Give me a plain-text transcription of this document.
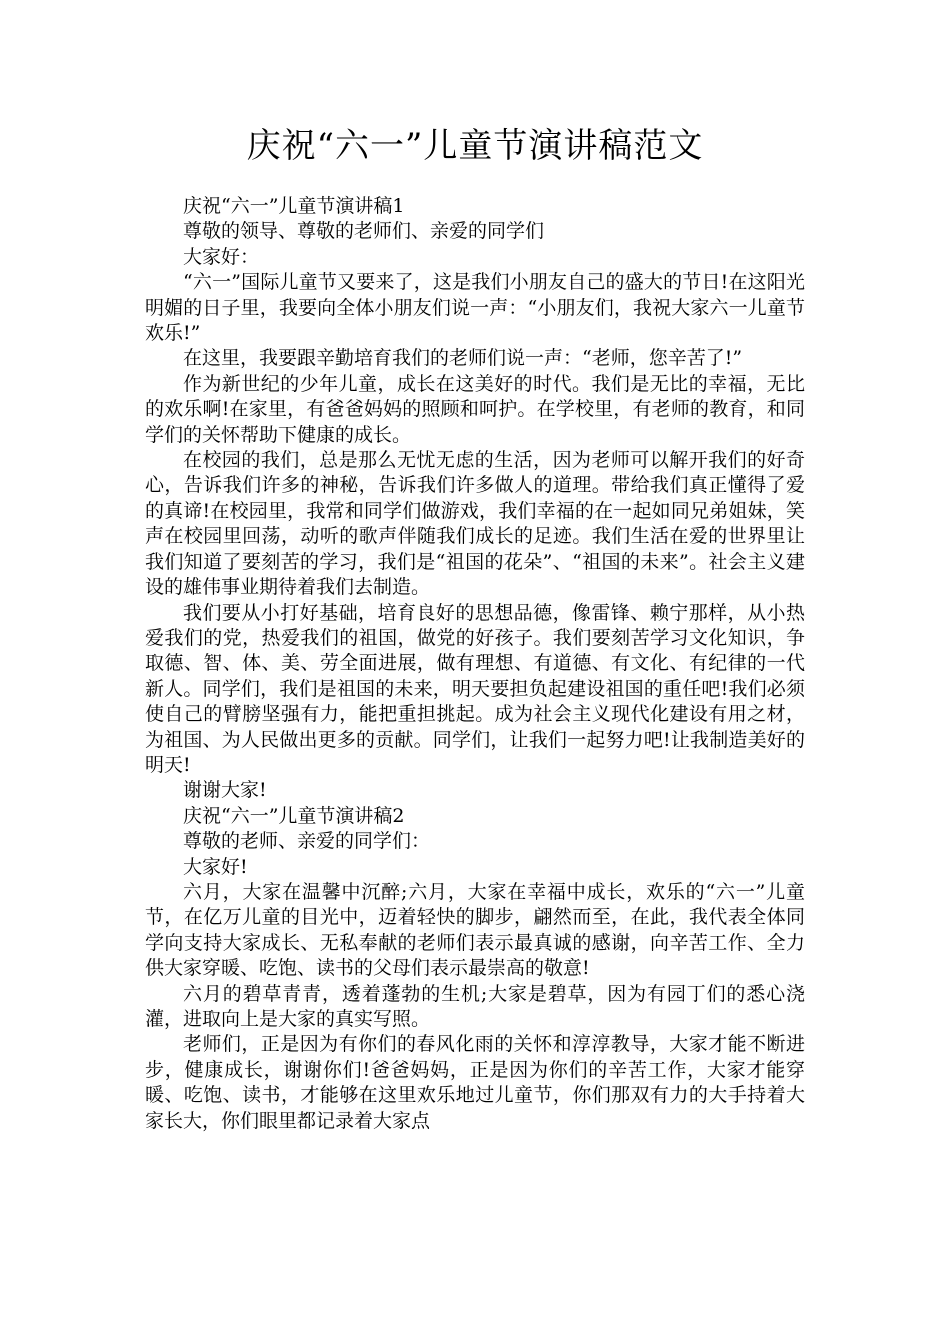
庆祝“六一”儿童节演讲稿范文

庆祝“六一”儿童节演讲稿1

尊敬的领导、尊敬的老师们、亲爱的同学们

大家好：

“六一”国际儿童节又要来了，这是我们小朋友自己的盛大的节日!在这阳光明媚的日子里，我要向全体小朋友们说一声：“小朋友们，我祝大家六一儿童节欢乐!”

在这里，我要跟辛勤培育我们的老师们说一声：“老师，您辛苦了!”

作为新世纪的少年儿童，成长在这美好的时代。我们是无比的幸福，无比的欢乐啊!在家里，有爸爸妈妈的照顾和呵护。在学校里，有老师的教育，和同学们的关怀帮助下健康的成长。

在校园的我们，总是那么无忧无虑的生活，因为老师可以解开我们的好奇心，告诉我们许多的神秘，告诉我们许多做人的道理。带给我们真正懂得了爱的真谛!在校园里，我常和同学们做游戏，我们幸福的在一起如同兄弟姐妹，笑声在校园里回荡，动听的歌声伴随我们成长的足迹。我们生活在爱的世界里让我们知道了要刻苦的学习，我们是“祖国的花朵”、“祖国的未来”。社会主义建设的雄伟事业期待着我们去制造。

我们要从小打好基础，培育良好的思想品德，像雷锋、赖宁那样，从小热爱我们的党，热爱我们的祖国，做党的好孩子。我们要刻苦学习文化知识，争取德、智、体、美、劳全面进展，做有理想、有道德、有文化、有纪律的一代新人。同学们，我们是祖国的未来，明天要担负起建设祖国的重任吧!我们必须使自己的臂膀坚强有力，能把重担挑起。成为社会主义现代化建设有用之材，为祖国、为人民做出更多的贡献。同学们，让我们一起努力吧!让我制造美好的明天!

谢谢大家!

庆祝“六一”儿童节演讲稿2

尊敬的老师、亲爱的同学们：

大家好!

六月，大家在温馨中沉醉;六月，大家在幸福中成长，欢乐的“六一”儿童节，在亿万儿童的目光中，迈着轻快的脚步，翩然而至，在此，我代表全体同学向支持大家成长、无私奉献的老师们表示最真诚的感谢，向辛苦工作、全力供大家穿暖、吃饱、读书的父母们表示最崇高的敬意!

六月的碧草青青，透着蓬勃的生机;大家是碧草，因为有园丁们的悉心浇灌，进取向上是大家的真实写照。

老师们，正是因为有你们的春风化雨的关怀和淳淳教导，大家才能不断进步，健康成长，谢谢你们!爸爸妈妈，正是因为你们的辛苦工作，大家才能穿暖、吃饱、读书，才能够在这里欢乐地过儿童节，你们那双有力的大手持着大家长大，你们眼里都记录着大家点
